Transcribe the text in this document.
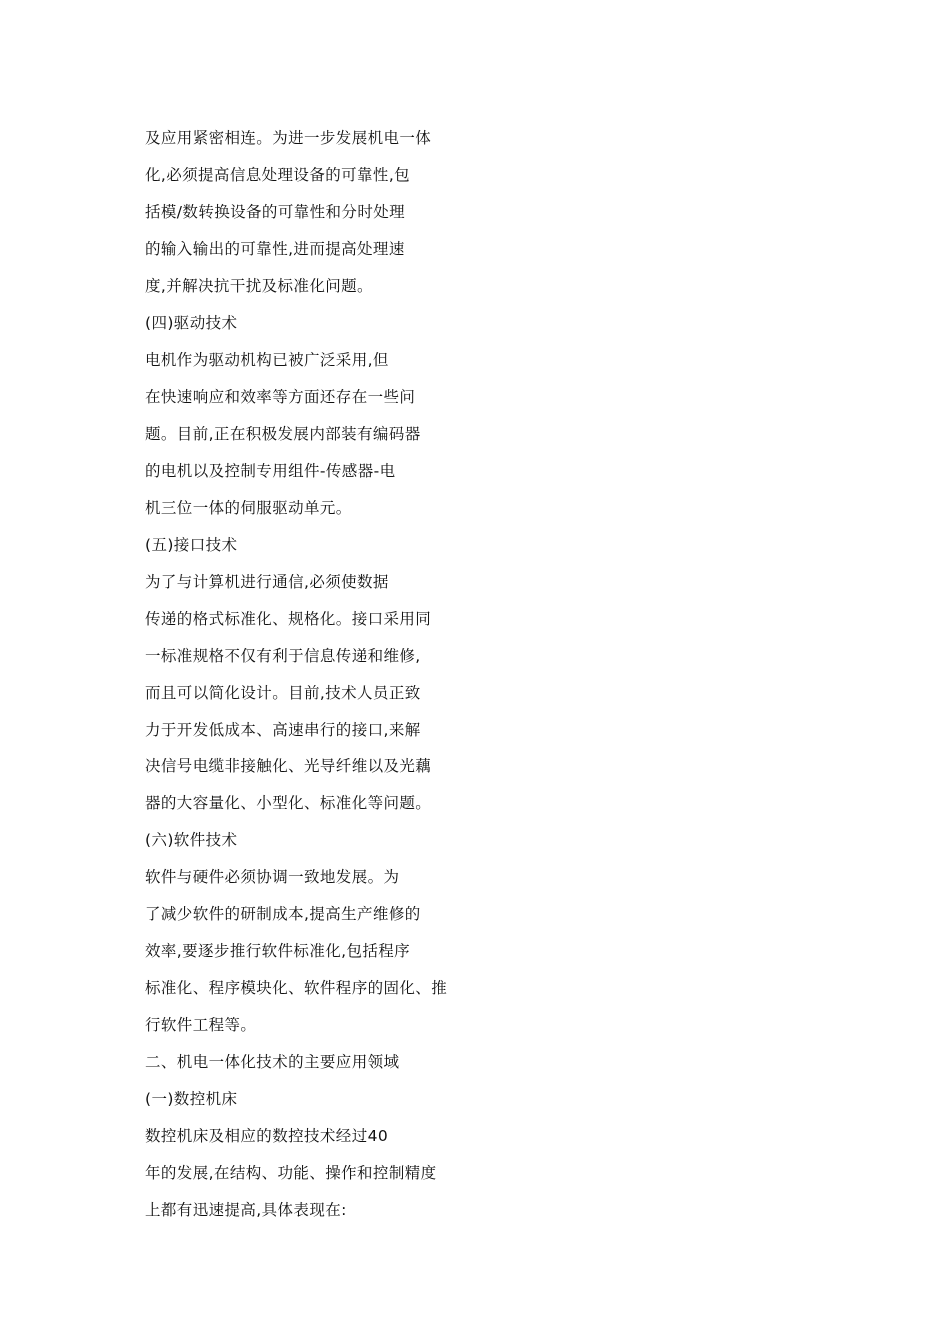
及应用紧密相连。为进一步发展机电一体
化,必须提高信息处理设备的可靠性,包
括模/数转换设备的可靠性和分时处理
的输入输出的可靠性,进而提高处理速
度,并解决抗干扰及标准化问题。
(四)驱动技术
电机作为驱动机构已被广泛采用,但
在快速响应和效率等方面还存在一些问
题。目前,正在积极发展内部装有编码器
的电机以及控制专用组件-传感器-电
机三位一体的伺服驱动单元。
(五)接口技术
为了与计算机进行通信,必须使数据
传递的格式标准化、规格化。接口采用同
一标准规格不仅有利于信息传递和维修,
而且可以简化设计。目前,技术人员正致
力于开发低成本、高速串行的接口,来解
决信号电缆非接触化、光导纤维以及光藕
器的大容量化、小型化、标准化等问题。
(六)软件技术
软件与硬件必须协调一致地发展。为
了减少软件的研制成本,提高生产维修的
效率,要逐步推行软件标准化,包括程序
标准化、程序模块化、软件程序的固化、推
行软件工程等。
二、机电一体化技术的主要应用领域
(一)数控机床
数控机床及相应的数控技术经过40
年的发展,在结构、功能、操作和控制精度
上都有迅速提高,具体表现在:
